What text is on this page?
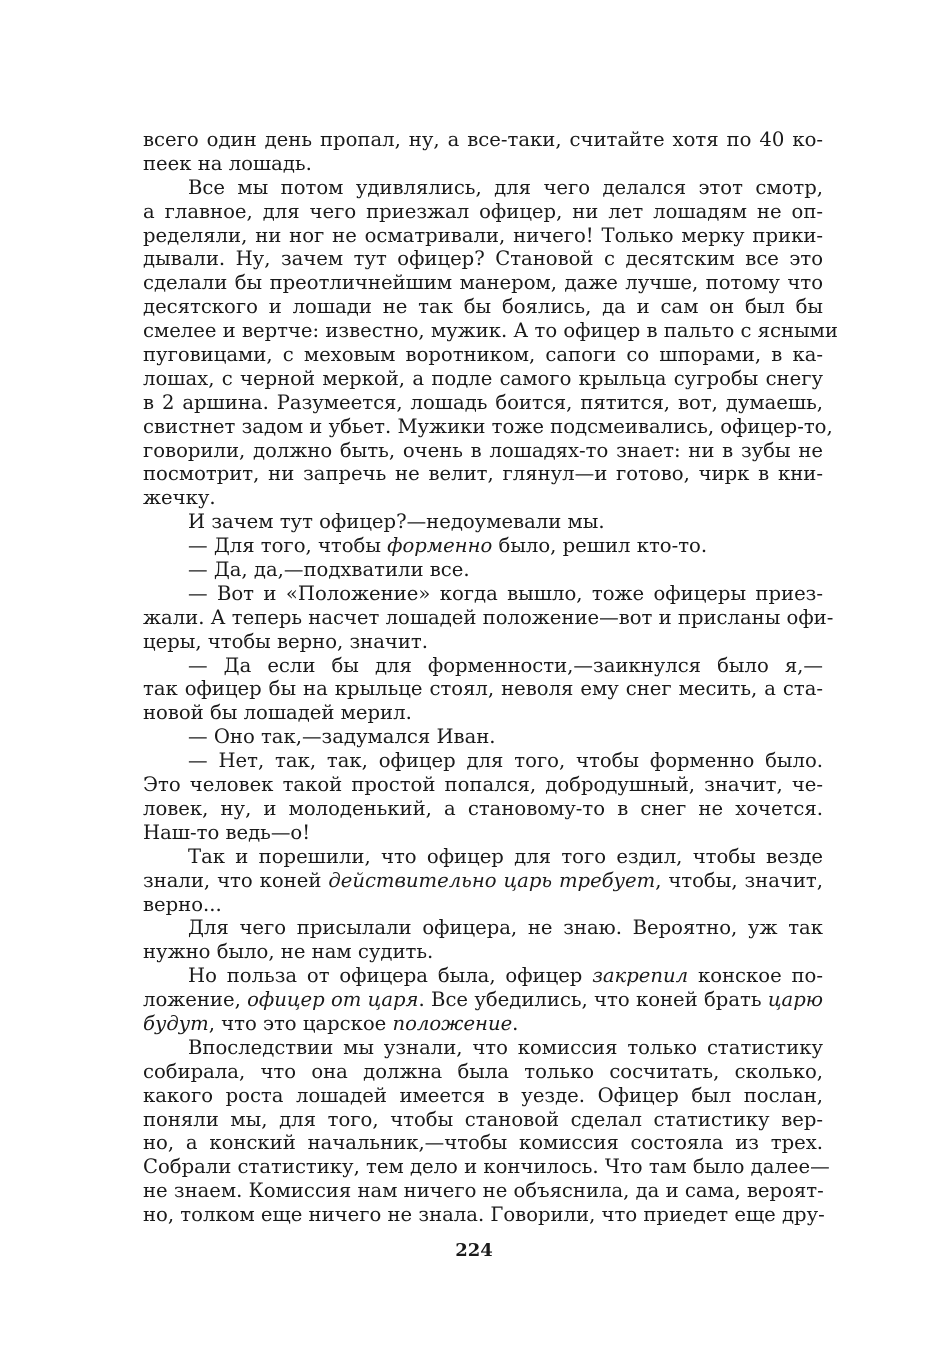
всего один день пропал, ну, а все-таки, считайте хотя по 40 ко-
пеек на лошадь.
Все мы потом удивлялись, для чего делался этот смотр,
а главное, для чего приезжал офицер, ни лет лошадям не оп-
ределяли, ни ног не осматривали, ничего! Только мерку прики-
дывали. Ну, зачем тут офицер? Становой с десятским все это
сделали бы преотличнейшим манером, даже лучше, потому что
десятского и лошади не так бы боялись, да и сам он был бы
смелее и вертче: известно, мужик. А то офицер в пальто с ясными
пуговицами, с меховым воротником, сапоги со шпорами, в ка-
лошах, с черной меркой, а подле самого крыльца сугробы снегу
в 2 аршина. Разумеется, лошадь боится, пятится, вот, думаешь,
свистнет задом и убьет. Мужики тоже подсмеивались, офицер-то,
говорили, должно быть, очень в лошадях-то знает: ни в зубы не
посмотрит, ни запречь не велит, глянул—и готово, чирк в кни-
жечку.
И зачем тут офицер?—недоумевали мы.
— Для того, чтобы форменно было, решил кто-то.
— Да, да,—подхватили все.
— Вот и «Положение» когда вышло, тоже офицеры приез-
жали. А теперь насчет лошадей положение—вот и присланы офи-
церы, чтобы верно, значит.
— Да если бы для форменности,—заикнулся было я,—
так офицер бы на крыльце стоял, неволя ему снег месить, а ста-
новой бы лошадей мерил.
— Оно так,—задумался Иван.
— Нет, так, так, офицер для того, чтобы форменно было.
Это человек такой простой попался, добродушный, значит, че-
ловек, ну, и молоденький, а становому-то в снег не хочется.
Наш-то ведь—о!
Так и порешили, что офицер для того ездил, чтобы везде
знали, что коней действительно царь требует, чтобы, значит,
верно...
Для чего присылали офицера, не знаю. Вероятно, уж так
нужно было, не нам судить.
Но польза от офицера была, офицер закрепил конское по-
ложение, офицер от царя. Все убедились, что коней брать царю
будут, что это царское положение.
Впоследствии мы узнали, что комиссия только статистику
собирала, что она должна была только сосчитать, сколько,
какого роста лошадей имеется в уезде. Офицер был послан,
поняли мы, для того, чтобы становой сделал статистику вер-
но, а конский начальник,—чтобы комиссия состояла из трех.
Собрали статистику, тем дело и кончилось. Что там было далее—
не знаем. Комиссия нам ничего не объяснила, да и сама, вероят-
но, толком еще ничего не знала. Говорили, что приедет еще дру-
224
